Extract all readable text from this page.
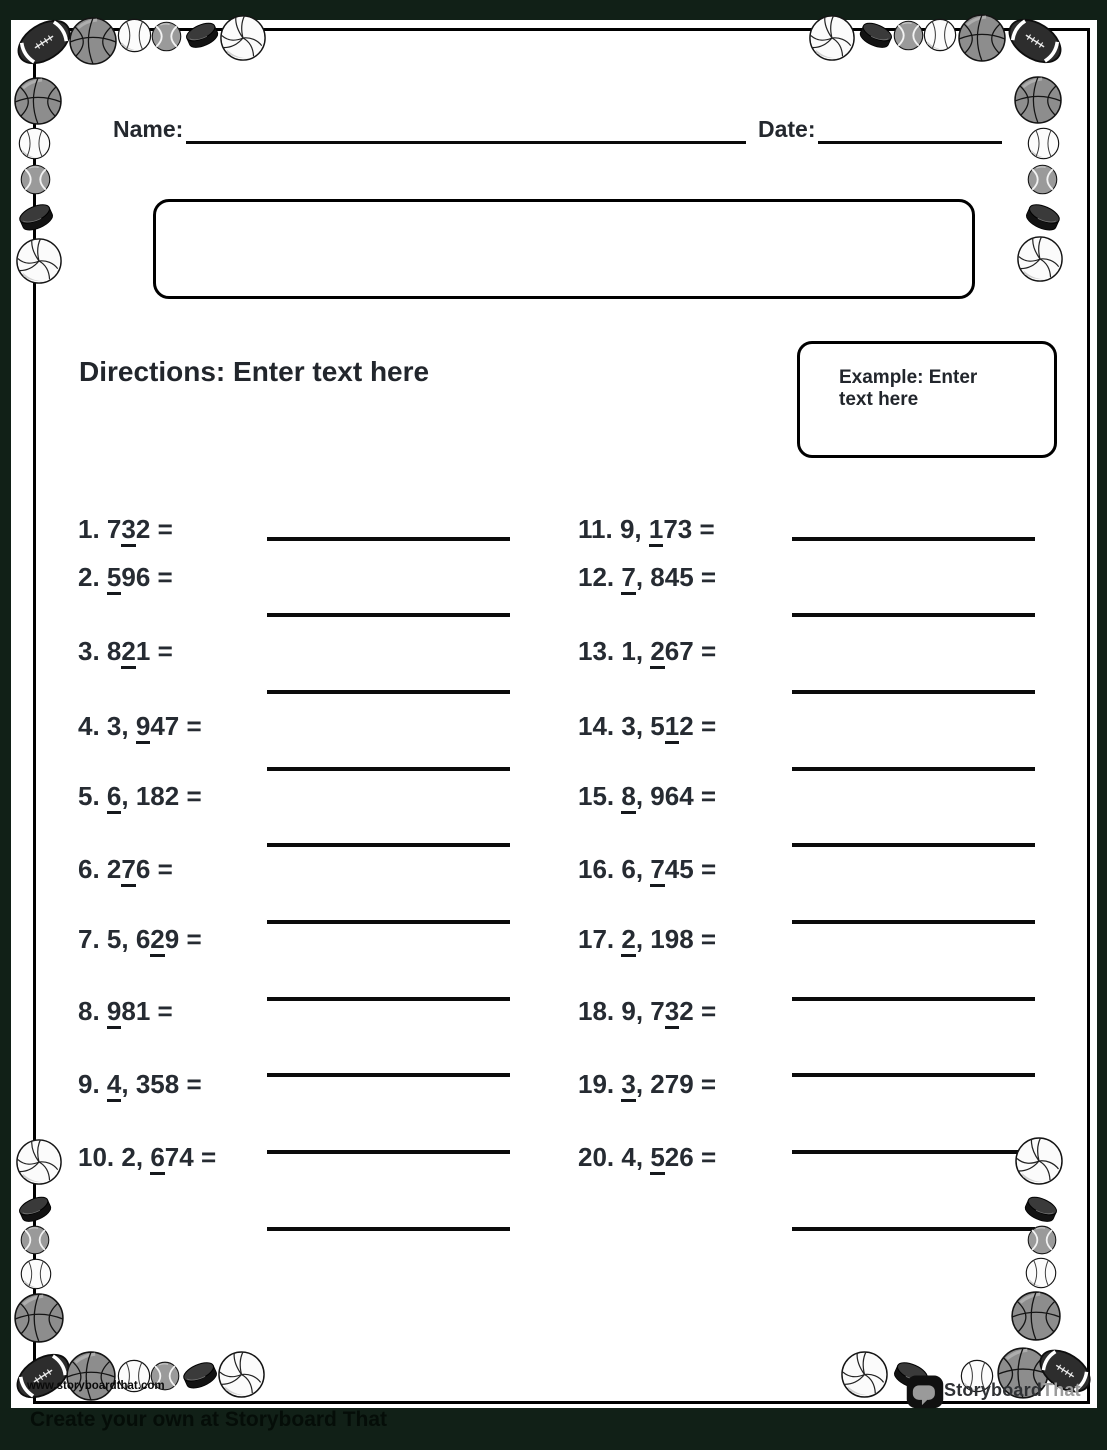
Name:	Date:
Directions: Enter text here	Example: Enter text here
1. 732 =
2. 596 =
3. 821 =
4. 3, 947 =
5. 6, 182 =
6. 276 =
7. 5, 629 =
8. 981 =
9. 4, 358 =
10. 2, 674 =
11. 9, 173 =
12. 7, 845 =
13. 1, 267 =
14. 3, 512 =
15. 8, 964 =
16. 6, 745 =
17. 2, 198 =
18. 9, 732 =
19. 3, 279 =
20. 4, 526 =
www.storyboardthat.com
Create your own at Storyboard That
StoryboardThat
